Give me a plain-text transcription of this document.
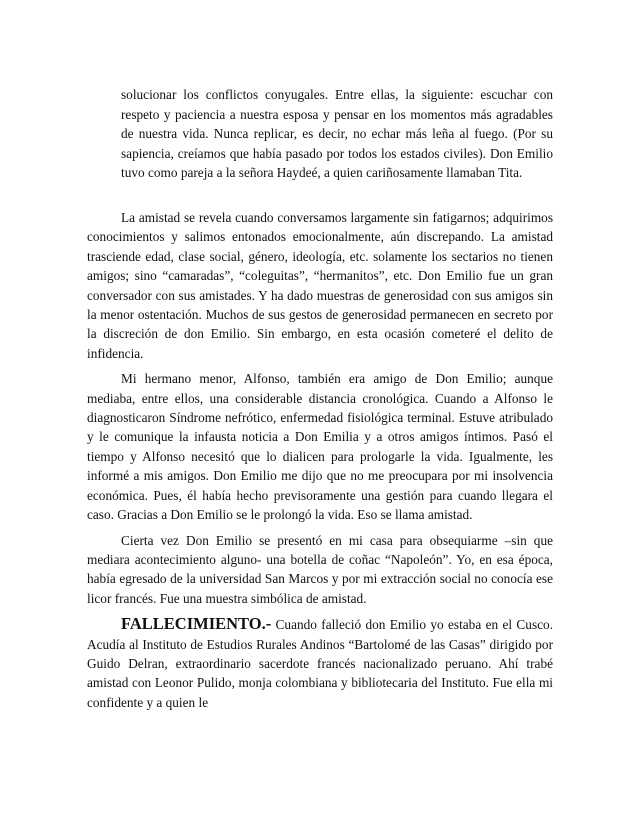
solucionar los conflictos conyugales. Entre ellas, la siguiente: escuchar con respeto y paciencia a nuestra esposa y pensar en los momentos más agradables de nuestra vida. Nunca replicar, es decir, no echar más leña al fuego. (Por su sapiencia, creíamos que había pasado por todos los estados civiles). Don Emilio tuvo como pareja a la señora Haydeé, a quien cariñosamente llamaban Tita.

La amistad se revela cuando conversamos largamente sin fatigarnos; adquirimos conocimientos y salimos entonados emocionalmente, aún discrepando. La amistad trasciende edad, clase social, género, ideología, etc. solamente los sectarios no tienen amigos; sino “camaradas”, “coleguitas”, “hermanitos”, etc. Don Emilio fue un gran conversador con sus amistades. Y ha dado muestras de generosidad con sus amigos sin la menor ostentación. Muchos de sus gestos de generosidad permanecen en secreto por la discreción de don Emilio. Sin embargo, en esta ocasión cometeré el delito de infidencia.

Mi hermano menor, Alfonso, también era amigo de Don Emilio; aunque mediaba, entre ellos, una considerable distancia cronológica. Cuando a Alfonso le diagnosticaron Síndrome nefrótico, enfermedad fisiológica terminal. Estuve atribulado y le comunique la infausta noticia a Don Emilia y a otros amigos íntimos. Pasó el tiempo y Alfonso necesitó que lo dialicen para prologarle la vida. Igualmente, les informé a mis amigos. Don Emilio me dijo que no me preocupara por mi insolvencia económica. Pues, él había hecho previsoramente una gestión para cuando llegara el caso. Gracias a Don Emilio se le prolongó la vida. Eso se llama amistad.

Cierta vez Don Emilio se presentó en mi casa para obsequiarme –sin que mediara acontecimiento alguno- una botella de coñac “Napoleón”. Yo, en esa época, había egresado de la universidad San Marcos y por mi extracción social no conocía ese licor francés. Fue una muestra simbólica de amistad.

FALLECIMIENTO.- Cuando falleció don Emilio yo estaba en el Cusco. Acudía al Instituto de Estudios Rurales Andinos “Bartolomé de las Casas” dirigido por Guido Delran, extraordinario sacerdote francés nacionalizado peruano. Ahí trabé amistad con Leonor Pulido, monja colombiana y bibliotecaria del Instituto. Fue ella mi confidente y a quien le
